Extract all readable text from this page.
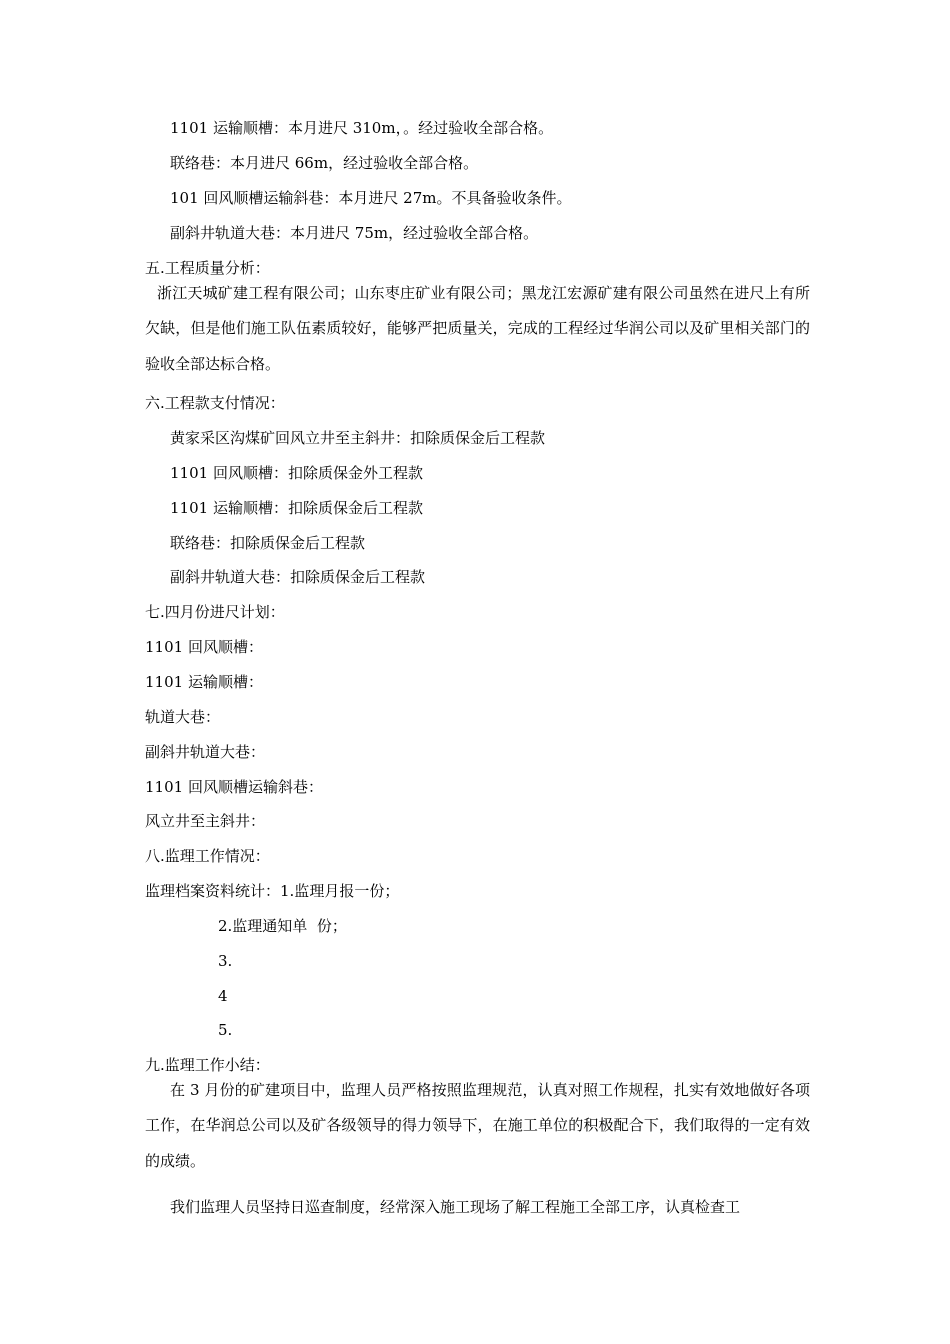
1101 运输顺槽：本月进尺 310m，。经过验收全部合格。
联络巷：本月进尺 66m，经过验收全部合格。
101 回风顺槽运输斜巷：本月进尺 27m。不具备验收条件。
副斜井轨道大巷：本月进尺 75m，经过验收全部合格。
五.工程质量分析：
浙江天城矿建工程有限公司；山东枣庄矿业有限公司；黑龙江宏源矿建有限公司虽然在进尺上有所欠缺，但是他们施工队伍素质较好，能够严把质量关，完成的工程经过华润公司以及矿里相关部门的验收全部达标合格。
六.工程款支付情况：
黄家采区沟煤矿回风立井至主斜井：扣除质保金后工程款
1101 回风顺槽：扣除质保金外工程款
1101 运输顺槽：扣除质保金后工程款
联络巷：扣除质保金后工程款
副斜井轨道大巷：扣除质保金后工程款
七.四月份进尺计划：
1101 回风顺槽：
1101 运输顺槽：
轨道大巷：
副斜井轨道大巷：
1101 回风顺槽运输斜巷：
风立井至主斜井：
八.监理工作情况：
监理档案资料统计：1.监理月报一份；
2.监理通知单  份；
3.
4
5.
九.监理工作小结：
在 3 月份的矿建项目中，监理人员严格按照监理规范，认真对照工作规程，扎实有效地做好各项工作，在华润总公司以及矿各级领导的得力领导下，在施工单位的积极配合下，我们取得的一定有效的成绩。
我们监理人员坚持日巡查制度，经常深入施工现场了解工程施工全部工序，认真检查工
